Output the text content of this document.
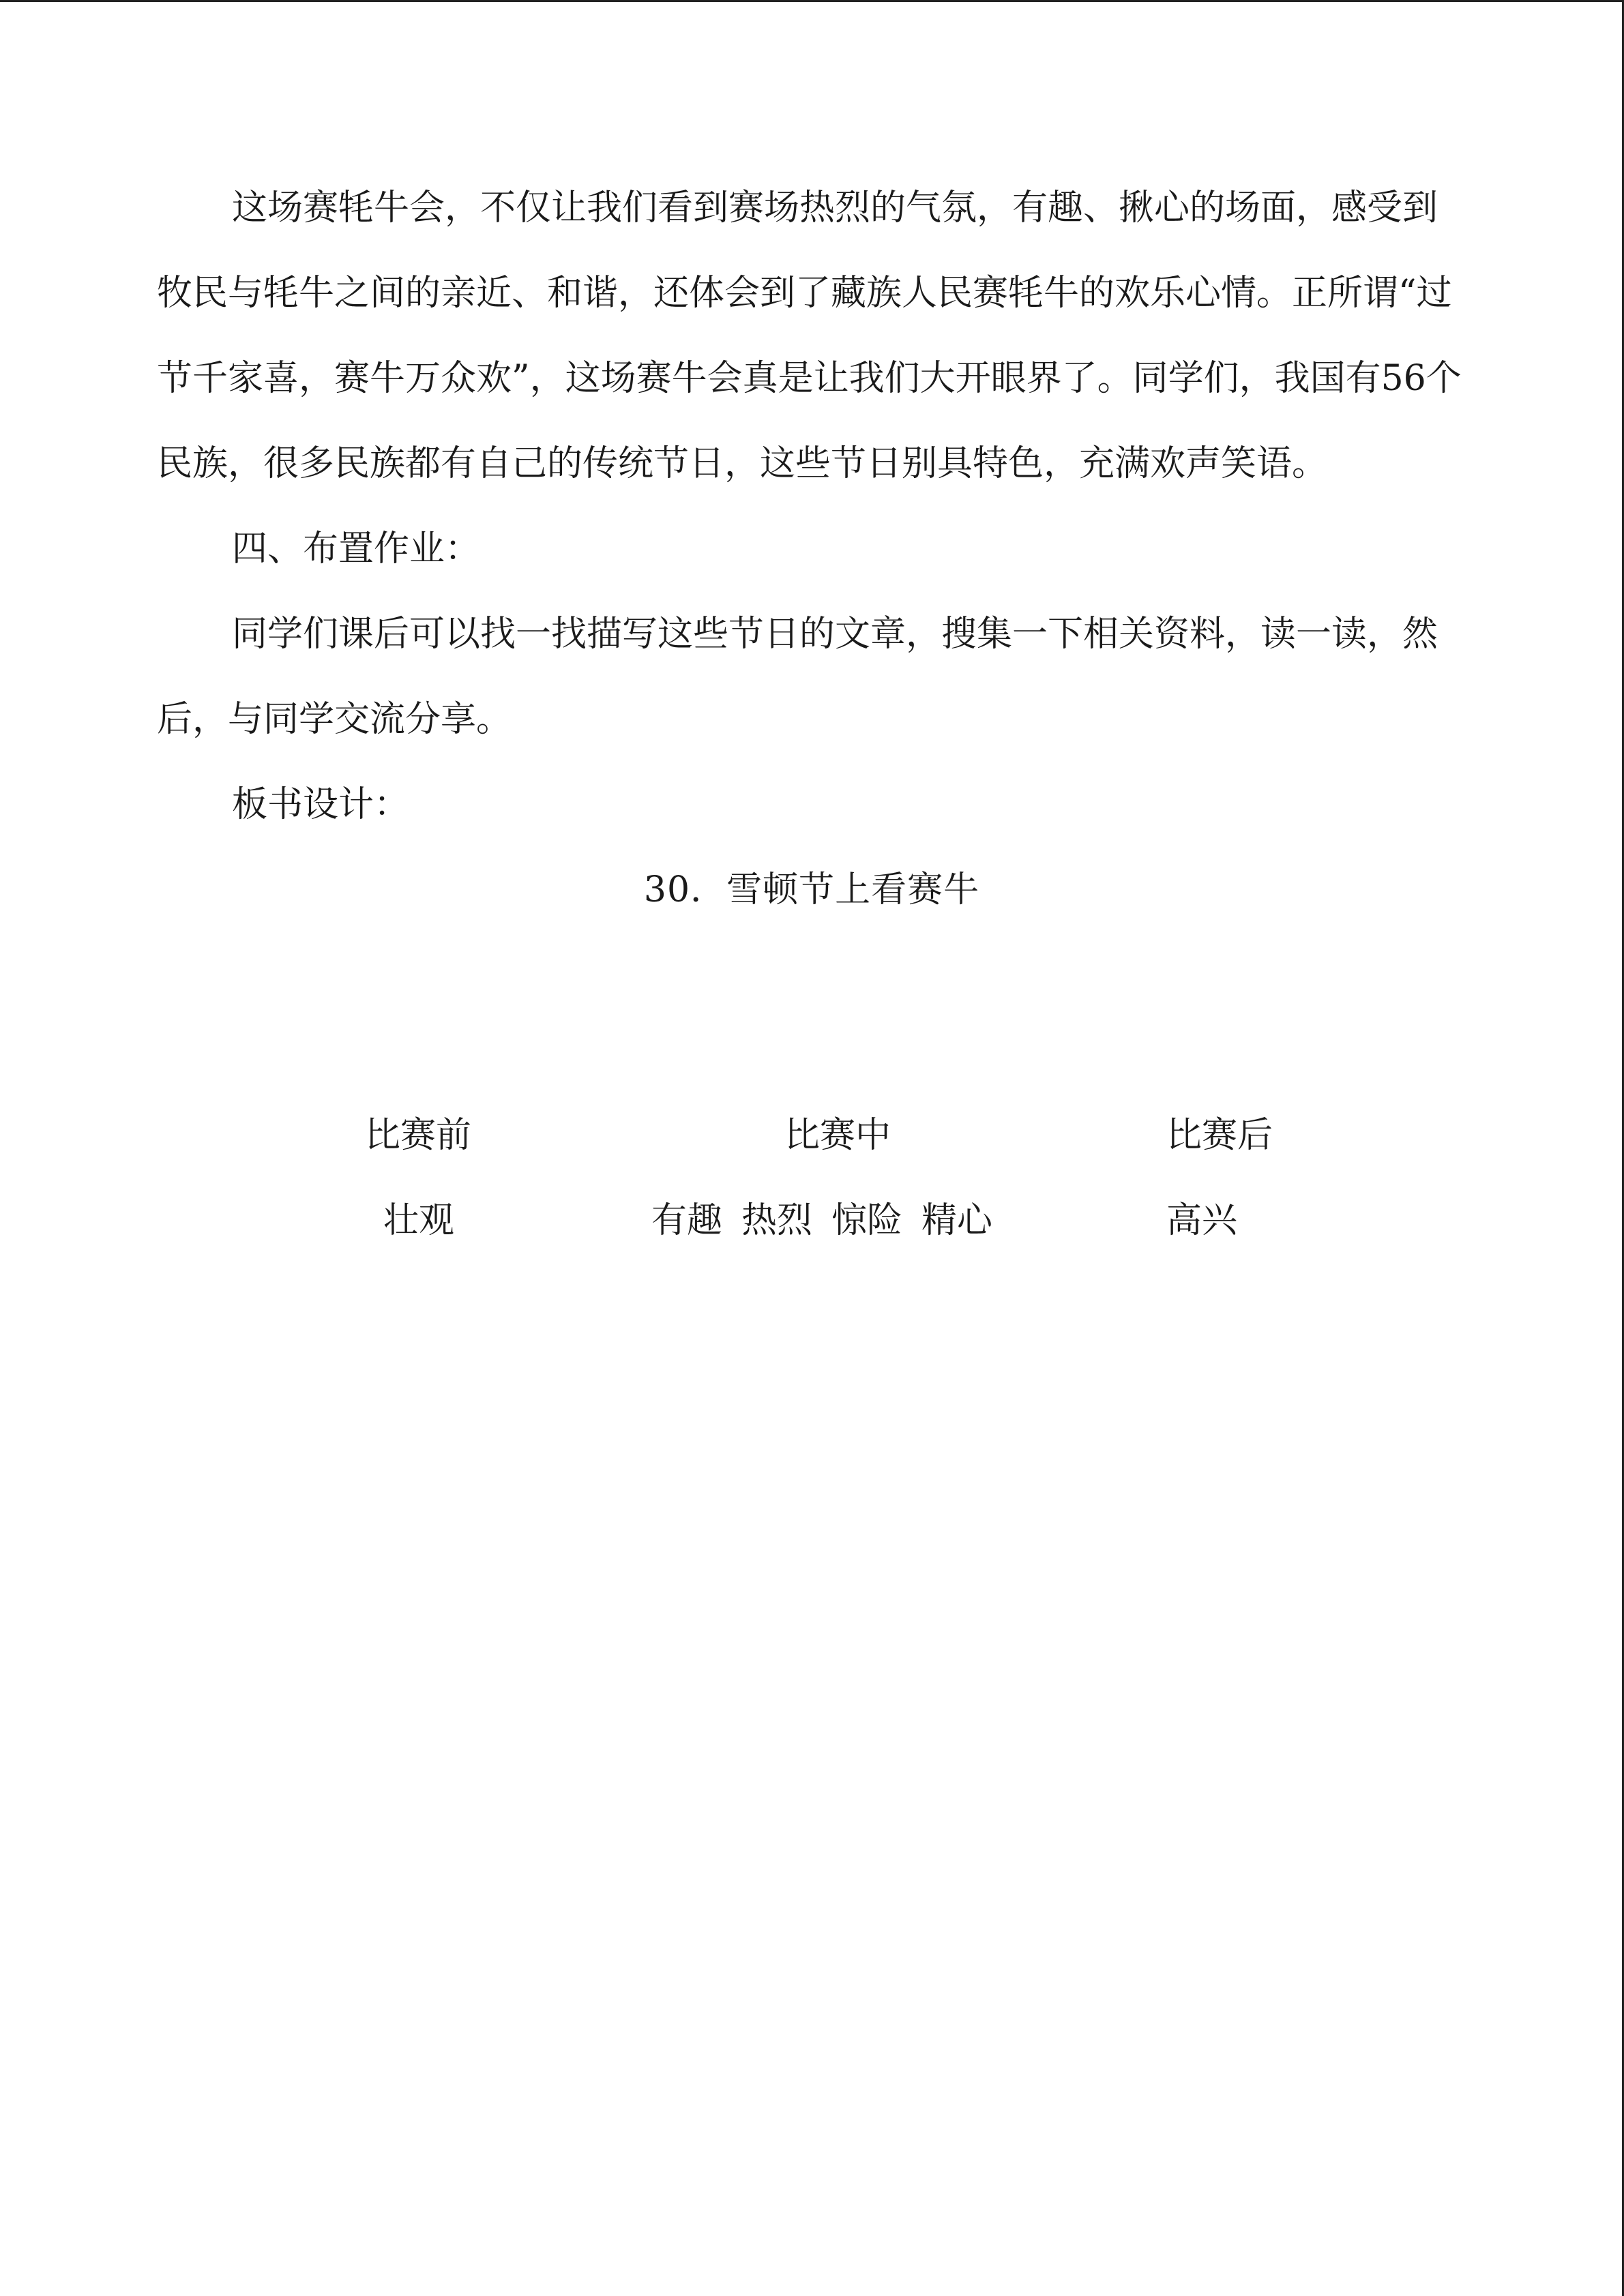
这场赛牦牛会，不仅让我们看到赛场热烈的气氛，有趣、揪心的场面，感受到牧民与牦牛之间的亲近、和谐，还体会到了藏族人民赛牦牛的欢乐心情。正所谓“过节千家喜，赛牛万众欢”，这场赛牛会真是让我们大开眼界了。同学们，我国有56个民族，很多民族都有自己的传统节日，这些节日别具特色，充满欢声笑语。

四、布置作业：

同学们课后可以找一找描写这些节日的文章，搜集一下相关资料，读一读，然后，与同学交流分享。

板书设计：

30．雪顿节上看赛牛

比赛前	比赛中	比赛后
壮观	有趣 热烈 惊险 精心	高兴
